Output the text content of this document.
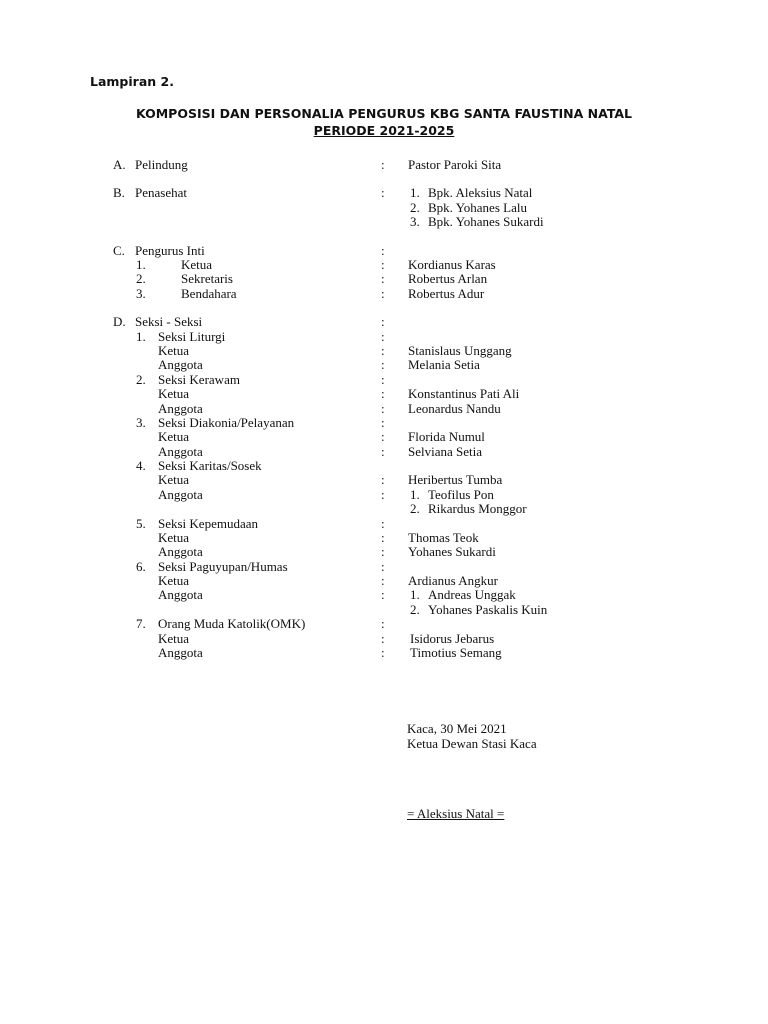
Lampiran 2.
KOMPOSISI DAN PERSONALIA PENGURUS KBG SANTA FAUSTINA NATAL
PERIODE 2021-2025
A. Pelindung	: Pastor Paroki Sita
B. Penasehat	: 1. Bpk. Aleksius Natal
2. Bpk. Yohanes Lalu
3. Bpk. Yohanes Sukardi
C. Pengurus Inti	:
1.	Ketua	: Kordianus Karas
2.	Sekretaris	: Robertus Arlan
3.	Bendahara	: Robertus Adur
D. Seksi - Seksi	:
1. Seksi Liturgi	:
Ketua	: Stanislaus Unggang
Anggota	: Melania Setia
2. Seksi Kerawam	:
Ketua	: Konstantinus Pati Ali
Anggota	: Leonardus Nandu
3. Seksi Diakonia/Pelayanan	:
Ketua	: Florida Numul
Anggota	: Selviana Setia
4. Seksi Karitas/Sosek
Ketua	: Heribertus Tumba
Anggota	: 1. Teofilus Pon
2. Rikardus Monggor
5. Seksi Kepemudaan	:
Ketua	: Thomas Teok
Anggota	: Yohanes Sukardi
6. Seksi Paguyupan/Humas	:
Ketua	: Ardianus Angkur
Anggota	: 1. Andreas Unggak
2. Yohanes Paskalis Kuin
7. Orang Muda Katolik(OMK)	:
Ketua	: Isidorus Jebarus
Anggota	: Timotius Semang
Kaca, 30 Mei 2021
Ketua Dewan Stasi Kaca
= Aleksius Natal =
